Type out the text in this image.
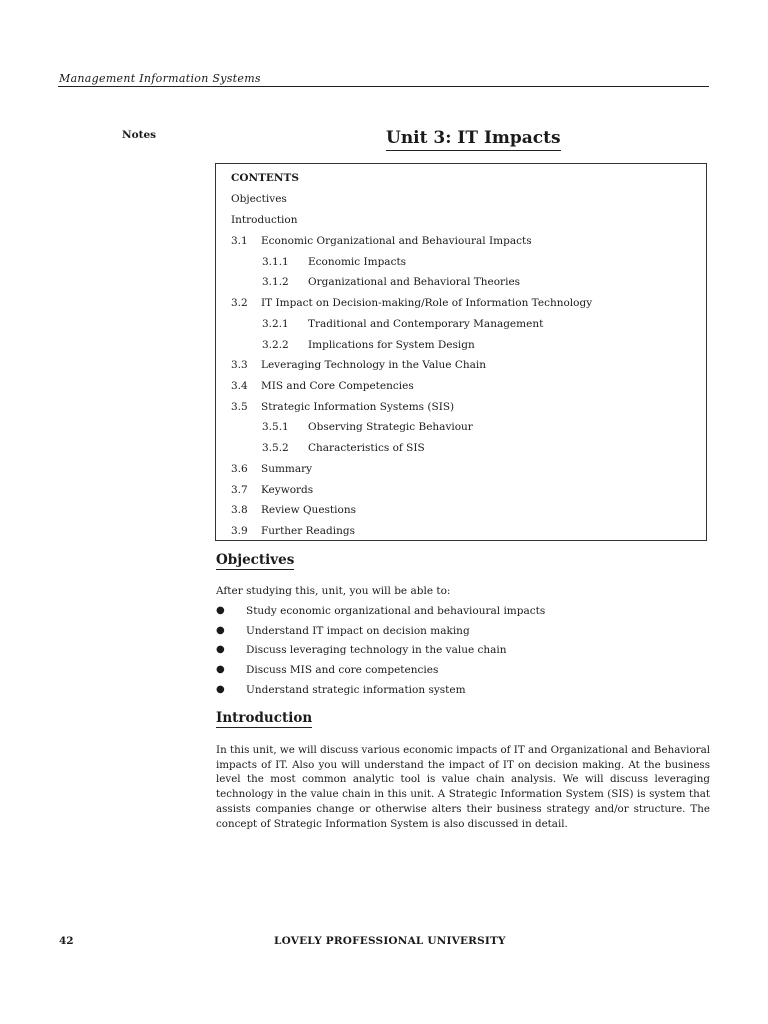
Management Information Systems
Notes	Unit 3: IT Impacts
CONTENTS
Objectives
Introduction
3.1 Economic Organizational and Behavioural Impacts
3.1.1 Economic Impacts
3.1.2 Organizational and Behavioral Theories
3.2 IT Impact on Decision-making/Role of Information Technology
3.2.1 Traditional and Contemporary Management
3.2.2 Implications for System Design
3.3 Leveraging Technology in the Value Chain
3.4 MIS and Core Competencies
3.5 Strategic Information Systems (SIS)
3.5.1 Observing Strategic Behaviour
3.5.2 Characteristics of SIS
3.6 Summary
3.7 Keywords
3.8 Review Questions
3.9 Further Readings
Objectives
After studying this, unit, you will be able to:
● Study economic organizational and behavioural impacts
● Understand IT impact on decision making
● Discuss leveraging technology in the value chain
● Discuss MIS and core competencies
● Understand strategic information system
Introduction
In this unit, we will discuss various economic impacts of IT and Organizational and Behavioral impacts of IT. Also you will understand the impact of IT on decision making. At the business level the most common analytic tool is value chain analysis. We will discuss leveraging technology in the value chain in this unit. A Strategic Information System (SIS) is system that assists companies change or otherwise alters their business strategy and/or structure. The concept of Strategic Information System is also discussed in detail.
42	LOVELY PROFESSIONAL UNIVERSITY
